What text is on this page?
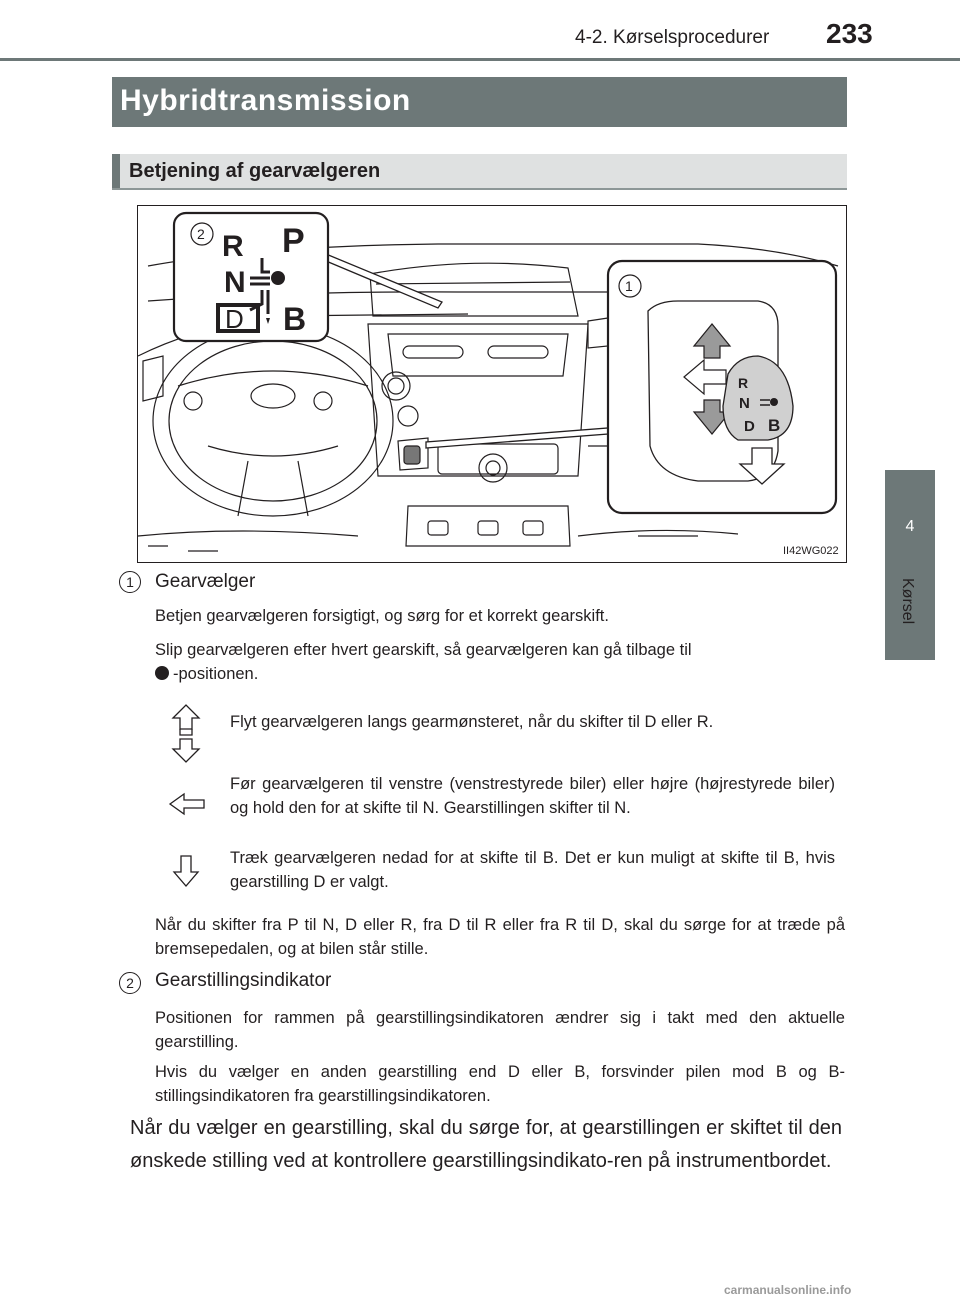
4-2. Kørselsprocedurer 233
4
Kørsel
Hybridtransmission
Betjening af gearvælgeren
R P
N
D B
2
R
N
D B
1
II42WG022
1	Gearvælger
Betjen gearvælgeren forsigtigt, og sørg for et korrekt gearskift.
Slip gearvælgeren efter hvert gearskift, så gearvælgeren kan gå tilbage til
-positionen.
Flyt gearvælgeren langs gearmønsteret, når du skifter til D eller R.
Før gearvælgeren til venstre (venstrestyrede biler) eller højre (højrestyrede biler) og hold den for at skifte til N. Gearstillingen skifter til N.
Træk gearvælgeren nedad for at skifte til B. Det er kun muligt at skifte til B, hvis gearstilling D er valgt.
Når du skifter fra P til N, D eller R, fra D til R eller fra R til D, skal du sørge for at træde på bremsepedalen, og at bilen står stille.
2	Gearstillingsindikator
Positionen for rammen på gearstillingsindikatoren ændrer sig i takt med den aktuelle gearstilling.
Hvis du vælger en anden gearstilling end D eller B, forsvinder pilen mod B og B-stillingsindikatoren fra gearstillingsindikatoren.
Når du vælger en gearstilling, skal du sørge for, at gearstillingen er skiftet til den ønskede stilling ved at kontrollere gearstillingsindikato-ren på instrumentbordet.
carmanualsonline.info
